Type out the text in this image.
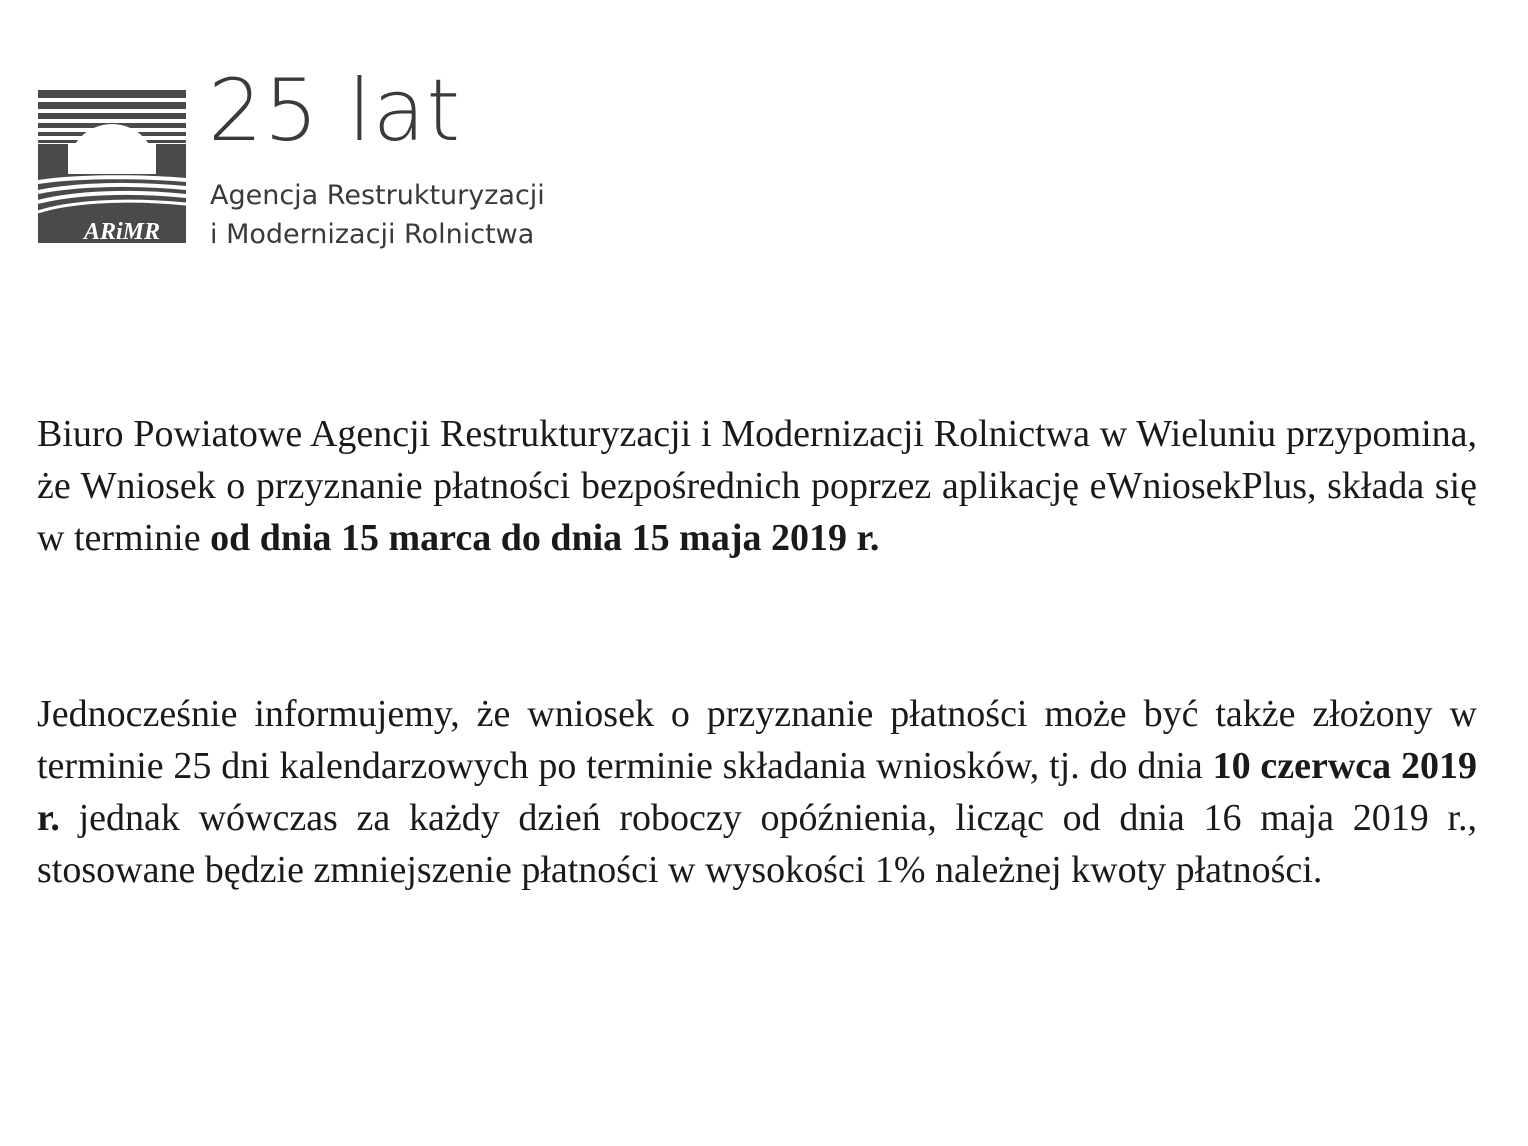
ARiMR
25 lat
Agencja Restrukturyzacji
i Modernizacji Rolnictwa

Biuro Powiatowe Agencji Restrukturyzacji i Modernizacji Rolnictwa w Wieluniu przypomina, że Wniosek o przyznanie płatności bezpośrednich poprzez aplikację eWniosekPlus, składa się w terminie od dnia 15 marca do dnia 15 maja 2019 r.

Jednocześnie informujemy, że wniosek o przyznanie płatności może być także złożony w terminie 25 dni kalendarzowych po terminie składania wniosków, tj. do dnia 10 czerwca 2019 r. jednak wówczas za każdy dzień roboczy opóźnienia, licząc od dnia 16 maja 2019 r., stosowane będzie zmniejszenie płatności w wysokości 1% należnej kwoty płatności.
